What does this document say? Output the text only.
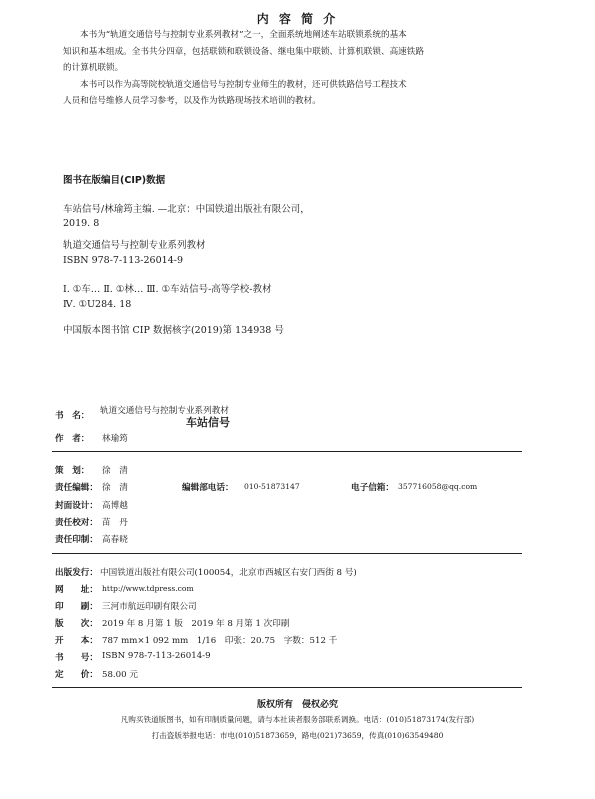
内 容 简 介

本书为“轨道交通信号与控制专业系列教材”之一，全面系统地阐述车站联锁系统的基本

知识和基本组成。全书共分四章，包括联锁和联锁设备、继电集中联锁、计算机联锁、高速铁路

的计算机联锁。

本书可以作为高等院校轨道交通信号与控制专业师生的教材，还可供铁路信号工程技术

人员和信号维修人员学习参考，以及作为铁路现场技术培训的教材。

图书在版编目(CIP)数据
车站信号/林瑜筠主编. —北京：中国铁道出版社有限公司，
2019. 8
轨道交通信号与控制专业系列教材
ISBN 978-7-113-26014-9
Ⅰ. ①车… Ⅱ. ①林… Ⅲ. ①车站信号-高等学校-教材
Ⅳ. ①U284. 18
中国版本图书馆 CIP 数据核字(2019)第 134938 号
书　名： 轨道交通信号与控制专业系列教材
车站信号
作　者： 林瑜筠
策　划： 徐　清
责任编辑： 徐　清	编辑部电话： 010-51873147	电子信箱： 357716058@qq.com
封面设计： 高博越
责任校对： 苗　丹
责任印制： 高春晓
出版发行： 中国铁道出版社有限公司(100054，北京市西城区右安门西街 8 号)
网　　址： http://www.tdpress.com
印　　刷： 三河市航远印刷有限公司
版　　次： 2019 年 8 月第 1 版　2019 年 8 月第 1 次印刷
开　　本： 787 mm×1 092 mm　1/16　印张：20.75　字数：512 千
书　　号： ISBN 978-7-113-26014-9
定　　价： 58.00 元
版权所有　侵权必究
凡购买铁道版图书，如有印制质量问题，请与本社读者服务部联系调换。电话：(010)51873174(发行部)
打击盗版举报电话：市电(010)51873659，路电(021)73659，传真(010)63549480
